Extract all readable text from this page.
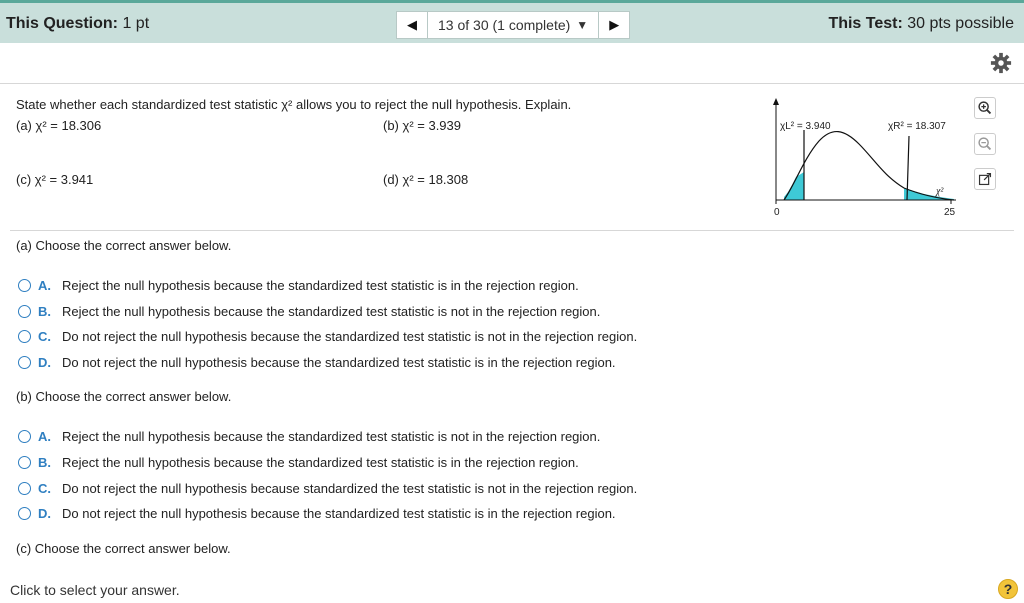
This Question: 1 pt	◀ 13 of 30 (1 complete) ▼ ▶	This Test: 30 pts possible
State whether each standardized test statistic χ² allows you to reject the null hypothesis. Explain.
(a) χ² = 18.306	(b) χ² = 3.939
(c) χ² = 3.941	(d) χ² = 18.308
χL² = 3.940	χR² = 18.307
χ²
0	25
(a) Choose the correct answer below.
A. Reject the null hypothesis because the standardized test statistic is in the rejection region.
B. Reject the null hypothesis because the standardized test statistic is not in the rejection region.
C. Do not reject the null hypothesis because the standardized test statistic is not in the rejection region.
D. Do not reject the null hypothesis because the standardized test statistic is in the rejection region.
(b) Choose the correct answer below.
A. Reject the null hypothesis because the standardized test statistic is not in the rejection region.
B. Reject the null hypothesis because the standardized test statistic is in the rejection region.
C. Do not reject the null hypothesis because standardized the test statistic is not in the rejection region.
D. Do not reject the null hypothesis because the standardized test statistic is in the rejection region.
(c) Choose the correct answer below.
Click to select your answer.	?
